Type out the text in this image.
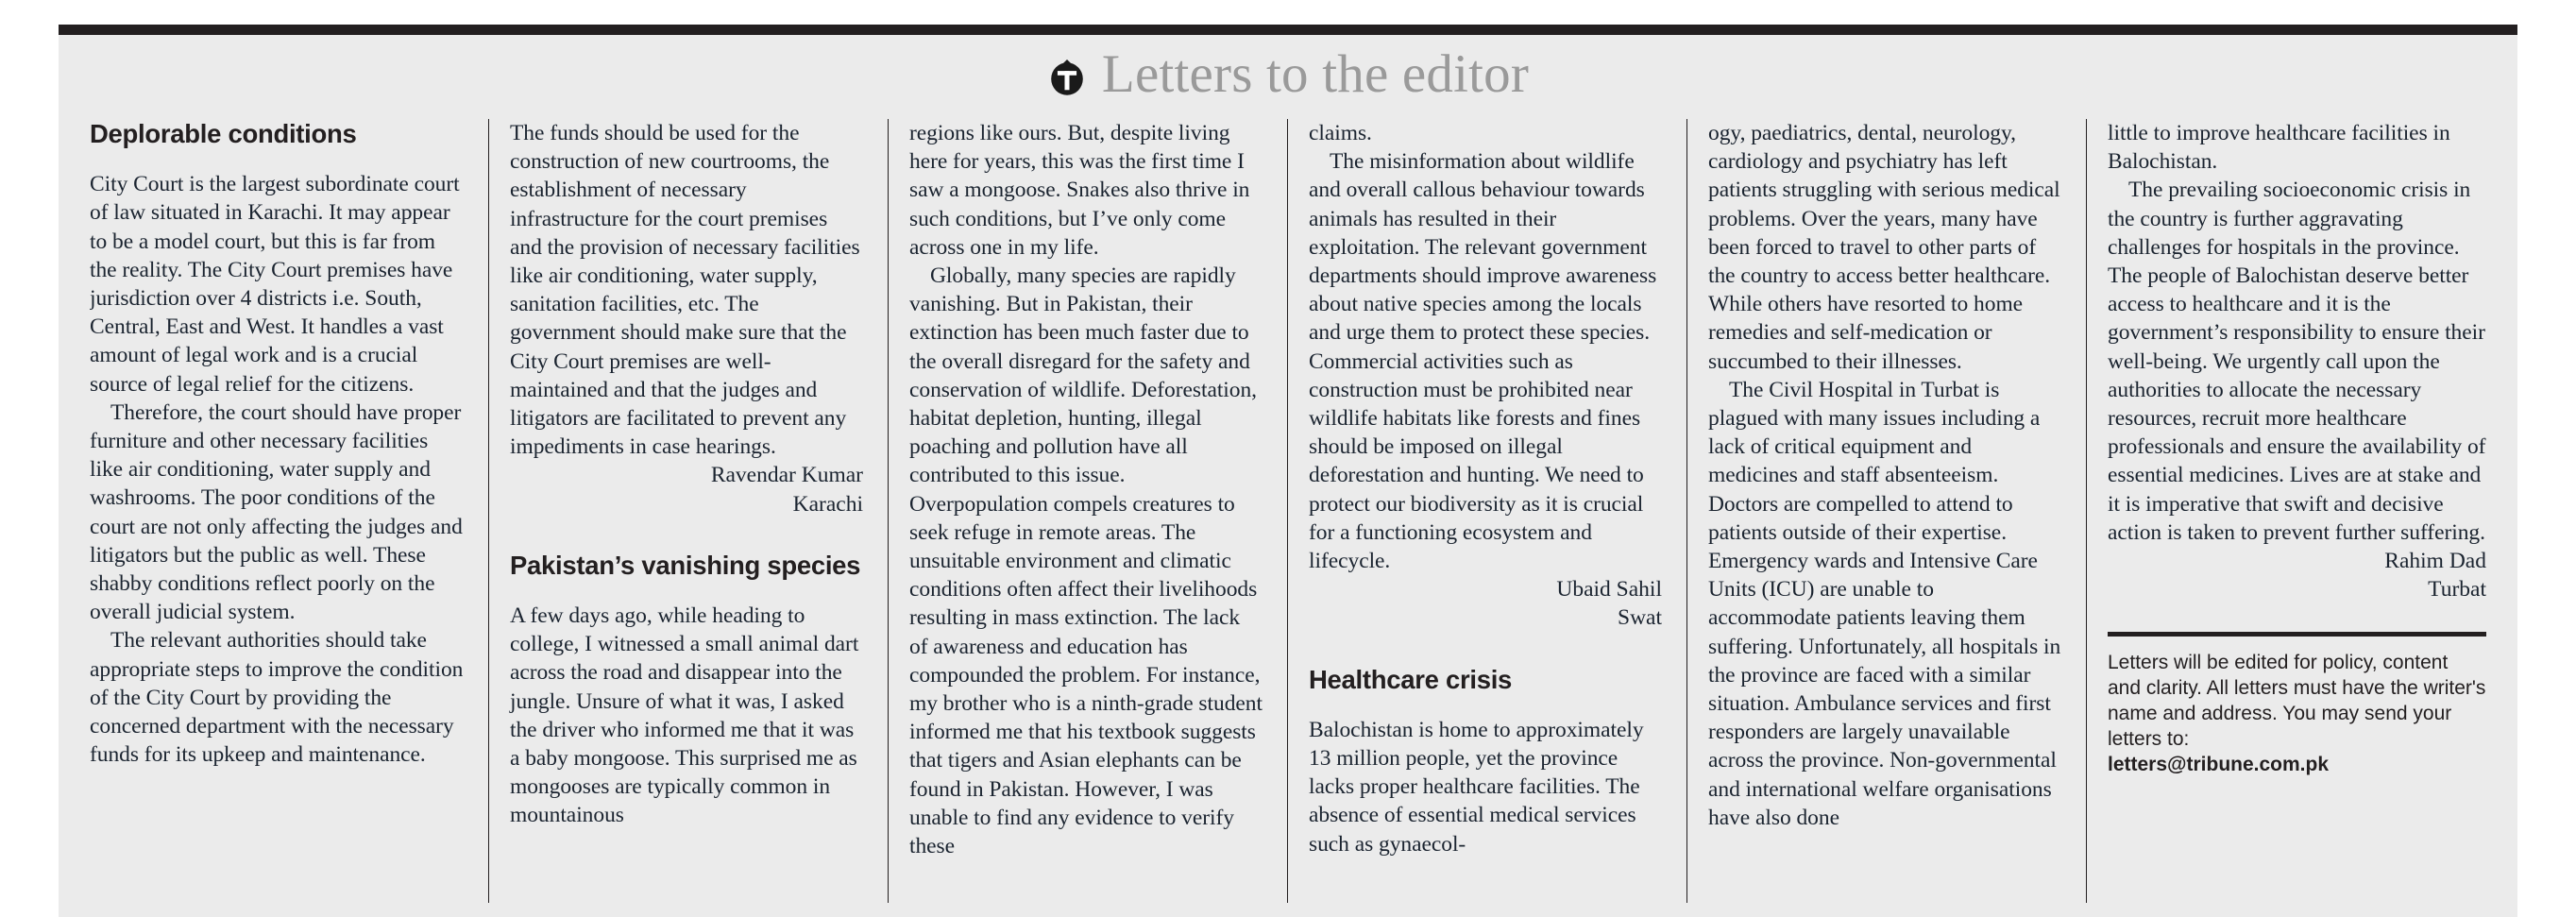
Letters to the editor
Deplorable conditions

City Court is the largest subordinate court of law situated in Karachi. It may appear to be a model court, but this is far from the reality. The City Court premises have jurisdiction over 4 districts i.e. South, Central, East and West. It handles a vast amount of legal work and is a crucial source of legal relief for the citizens.

Therefore, the court should have proper furniture and other necessary facilities like air conditioning, water supply and washrooms. The poor conditions of the court are not only affecting the judges and litigators but the public as well. These shabby conditions reflect poorly on the overall judicial system.

The relevant authorities should take appropriate steps to improve the condition of the City Court by providing the concerned department with the necessary funds for its upkeep and maintenance.

The funds should be used for the construction of new courtrooms, the establishment of necessary infrastructure for the court premises and the provision of necessary facilities like air conditioning, water supply, sanitation facilities, etc. The government should make sure that the City Court premises are well-maintained and that the judges and litigators are facilitated to prevent any impediments in case hearings.

Ravendar Kumar

Karachi

Pakistan’s vanishing species

A few days ago, while heading to college, I witnessed a small animal dart across the road and disappear into the jungle. Unsure of what it was, I asked the driver who informed me that it was a baby mongoose. This surprised me as mongooses are typically common in mountainous

regions like ours. But, despite living here for years, this was the first time I saw a mongoose. Snakes also thrive in such conditions, but I’ve only come across one in my life.

Globally, many species are rapidly vanishing. But in Pakistan, their extinction has been much faster due to the overall disregard for the safety and conservation of wildlife. Deforestation, habitat depletion, hunting, illegal poaching and pollution have all contributed to this issue. Overpopulation compels creatures to seek refuge in remote areas. The unsuitable environment and climatic conditions often affect their livelihoods resulting in mass extinction. The lack of awareness and education has compounded the problem. For instance, my brother who is a ninth-grade student informed me that his textbook suggests that tigers and Asian elephants can be found in Pakistan. However, I was unable to find any evidence to verify these

claims.

The misinformation about wildlife and overall callous behaviour towards animals has resulted in their exploitation. The relevant government departments should improve awareness about native species among the locals and urge them to protect these species. Commercial activities such as construction must be prohibited near wildlife habitats like forests and fines should be imposed on illegal deforestation and hunting. We need to protect our biodiversity as it is crucial for a functioning ecosystem and lifecycle.

Ubaid Sahil

Swat

Healthcare crisis

Balochistan is home to approximately 13 million people, yet the province lacks proper healthcare facilities. The absence of essential medical services such as gynaecol-

ogy, paediatrics, dental, neurology, cardiology and psychiatry has left patients struggling with serious medical problems. Over the years, many have been forced to travel to other parts of the country to access better healthcare. While others have resorted to home remedies and self-medication or succumbed to their illnesses.

The Civil Hospital in Turbat is plagued with many issues including a lack of critical equipment and medicines and staff absenteeism. Doctors are compelled to attend to patients outside of their expertise. Emergency wards and Intensive Care Units (ICU) are unable to accommodate patients leaving them suffering. Unfortunately, all hospitals in the province are faced with a similar situation. Ambulance services and first responders are largely unavailable across the province. Non-governmental and international welfare organisations have also done

little to improve healthcare facilities in Balochistan.

The prevailing socioeconomic crisis in the country is further aggravating challenges for hospitals in the province. The people of Balochistan deserve better access to healthcare and it is the government’s responsibility to ensure their well-being. We urgently call upon the authorities to allocate the necessary resources, recruit more healthcare professionals and ensure the availability of essential medicines. Lives are at stake and it is imperative that swift and decisive action is taken to prevent further suffering.

Rahim Dad

Turbat

Letters will be edited for policy, content and clarity. All letters must have the writer's name and address. You may send your letters to:

letters@tribune.com.pk
